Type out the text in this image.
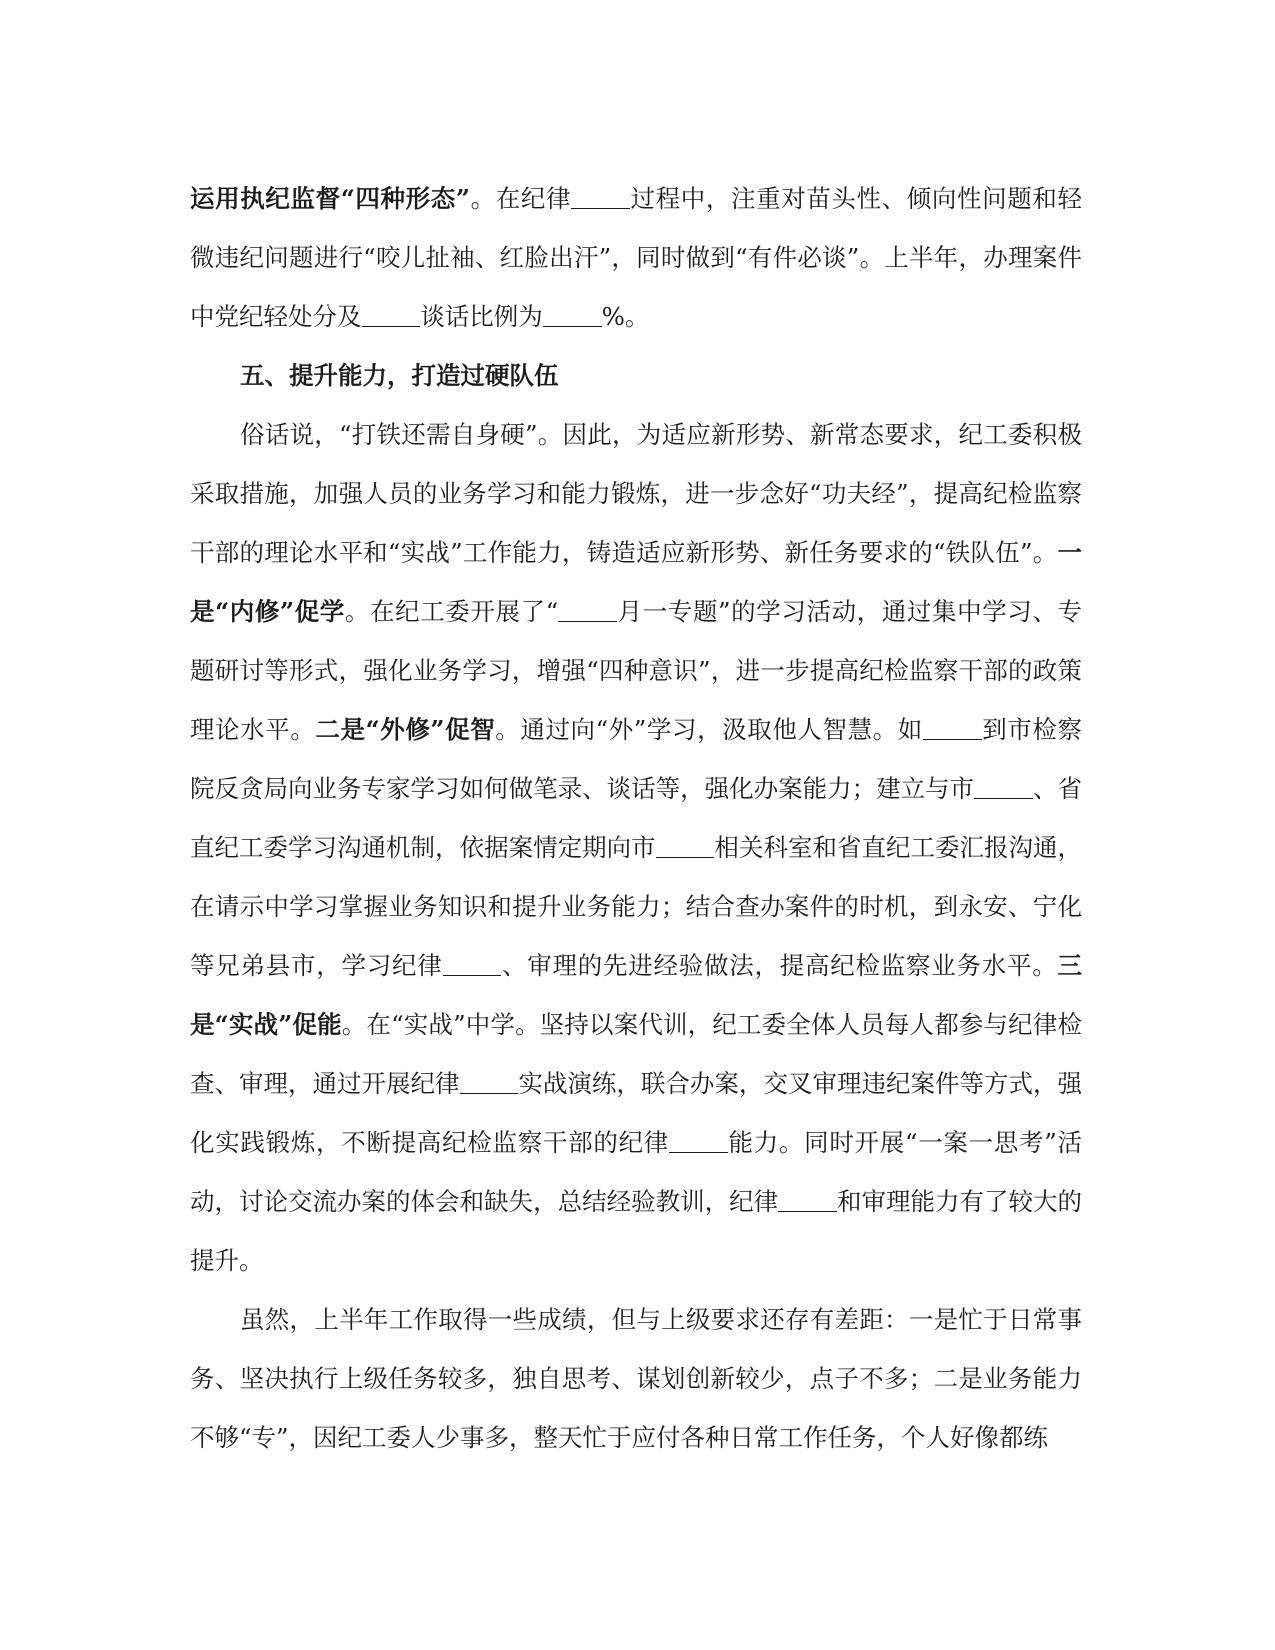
运用执纪监督“四种形态”。在纪律 过程中，注重对苗头性、倾向性问题和轻微违纪问题进行“咬儿扯袖、红脸出汗”，同时做到“有件必谈”。上半年，办理案件中党纪轻处分及 谈话比例为 %。

五、提升能力，打造过硬队伍

俗话说，“打铁还需自身硬”。因此，为适应新形势、新常态要求，纪工委积极采取措施，加强人员的业务学习和能力锻炼，进一步念好“功夫经”，提高纪检监察干部的理论水平和“实战”工作能力，铸造适应新形势、新任务要求的“铁队伍”。一是“内修”促学。在纪工委开展了“ 月一专题”的学习活动，通过集中学习、专题研讨等形式，强化业务学习，增强“四种意识”，进一步提高纪检监察干部的政策理论水平。二是“外修”促智。通过向“外”学习，汲取他人智慧。如 到市检察院反贪局向业务专家学习如何做笔录、谈话等，强化办案能力；建立与市 、省直纪工委学习沟通机制，依据案情定期向市 相关科室和省直纪工委汇报沟通，在请示中学习掌握业务知识和提升业务能力；结合查办案件的时机，到永安、宁化等兄弟县市，学习纪律 、审理的先进经验做法，提高纪检监察业务水平。三是“实战”促能。在“实战”中学。坚持以案代训，纪工委全体人员每人都参与纪律检查、审理，通过开展纪律 实战演练，联合办案，交叉审理违纪案件等方式，强化实践锻炼，不断提高纪检监察干部的纪律 能力。同时开展“一案一思考”活动，讨论交流办案的体会和缺失，总结经验教训，纪律 和审理能力有了较大的提升。

虽然，上半年工作取得一些成绩，但与上级要求还存有差距：一是忙于日常事务、坚决执行上级任务较多，独自思考、谋划创新较少，点子不多；二是业务能力不够“专”，因纪工委人少事多，整天忙于应付各种日常工作任务，个人好像都练
